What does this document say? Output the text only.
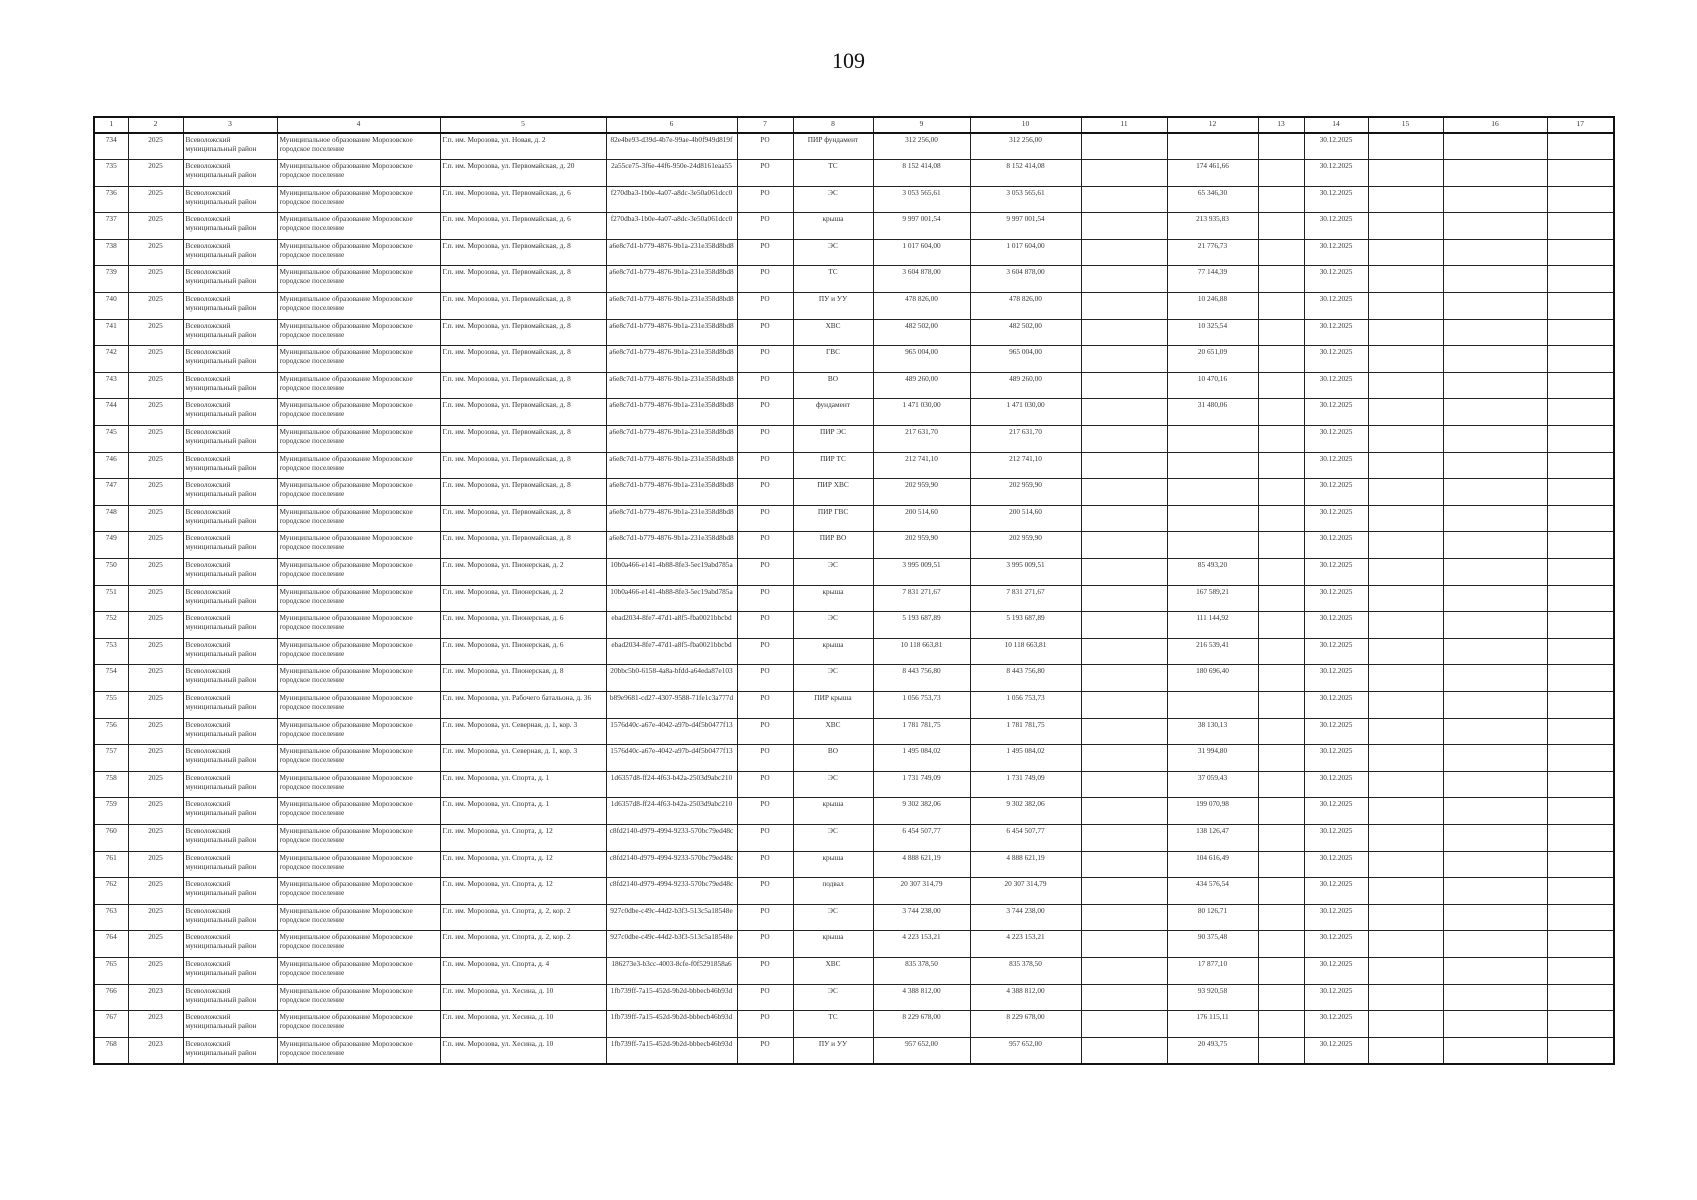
109
1	2	3	4	5	6	7	8	9	10	11	12	13	14	15	16	17
734	2025	Всеволожский муниципальный район	Муниципальное образование Морозовское городское поселение	Г.п. им. Морозова, ул. Новая, д. 2	82e4be93-d39d-4b7e-99ae-4b0f949d819f	РО	ПИР фундамент	312 256,00	312 256,00				30.12.2025			
735	2025	Всеволожский муниципальный район	Муниципальное образование Морозовское городское поселение	Г.п. им. Морозова, ул. Первомайская, д. 20	2a55ce75-3f6e-44f6-950e-24d8161eaa55	РО	ТС	8 152 414,08	8 152 414,08		174 461,66		30.12.2025			
736	2025	Всеволожский муниципальный район	Муниципальное образование Морозовское городское поселение	Г.п. им. Морозова, ул. Первомайская, д. 6	f270dba3-1b0e-4a07-a8dc-3e50a061dcc0	РО	ЭС	3 053 565,61	3 053 565,61		65 346,30		30.12.2025			
737	2025	Всеволожский муниципальный район	Муниципальное образование Морозовское городское поселение	Г.п. им. Морозова, ул. Первомайская, д. 6	f270dba3-1b0e-4a07-a8dc-3e50a061dcc0	РО	крыша	9 997 001,54	9 997 001,54		213 935,83		30.12.2025			
738	2025	Всеволожский муниципальный район	Муниципальное образование Морозовское городское поселение	Г.п. им. Морозова, ул. Первомайская, д. 8	a6e8c7d1-b779-4876-9b1a-231e358d8bd8	РО	ЭС	1 017 604,00	1 017 604,00		21 776,73		30.12.2025			
739	2025	Всеволожский муниципальный район	Муниципальное образование Морозовское городское поселение	Г.п. им. Морозова, ул. Первомайская, д. 8	a6e8c7d1-b779-4876-9b1a-231e358d8bd8	РО	ТС	3 604 878,00	3 604 878,00		77 144,39		30.12.2025			
740	2025	Всеволожский муниципальный район	Муниципальное образование Морозовское городское поселение	Г.п. им. Морозова, ул. Первомайская, д. 8	a6e8c7d1-b779-4876-9b1a-231e358d8bd8	РО	ПУ и УУ	478 826,00	478 826,00		10 246,88		30.12.2025			
741	2025	Всеволожский муниципальный район	Муниципальное образование Морозовское городское поселение	Г.п. им. Морозова, ул. Первомайская, д. 8	a6e8c7d1-b779-4876-9b1a-231e358d8bd8	РО	ХВС	482 502,00	482 502,00		10 325,54		30.12.2025			
742	2025	Всеволожский муниципальный район	Муниципальное образование Морозовское городское поселение	Г.п. им. Морозова, ул. Первомайская, д. 8	a6e8c7d1-b779-4876-9b1a-231e358d8bd8	РО	ГВС	965 004,00	965 004,00		20 651,09		30.12.2025			
743	2025	Всеволожский муниципальный район	Муниципальное образование Морозовское городское поселение	Г.п. им. Морозова, ул. Первомайская, д. 8	a6e8c7d1-b779-4876-9b1a-231e358d8bd8	РО	ВО	489 260,00	489 260,00		10 470,16		30.12.2025			
744	2025	Всеволожский муниципальный район	Муниципальное образование Морозовское городское поселение	Г.п. им. Морозова, ул. Первомайская, д. 8	a6e8c7d1-b779-4876-9b1a-231e358d8bd8	РО	фундамент	1 471 030,00	1 471 030,00		31 480,06		30.12.2025			
745	2025	Всеволожский муниципальный район	Муниципальное образование Морозовское городское поселение	Г.п. им. Морозова, ул. Первомайская, д. 8	a6e8c7d1-b779-4876-9b1a-231e358d8bd8	РО	ПИР ЭС	217 631,70	217 631,70				30.12.2025			
746	2025	Всеволожский муниципальный район	Муниципальное образование Морозовское городское поселение	Г.п. им. Морозова, ул. Первомайская, д. 8	a6e8c7d1-b779-4876-9b1a-231e358d8bd8	РО	ПИР ТС	212 741,10	212 741,10				30.12.2025			
747	2025	Всеволожский муниципальный район	Муниципальное образование Морозовское городское поселение	Г.п. им. Морозова, ул. Первомайская, д. 8	a6e8c7d1-b779-4876-9b1a-231e358d8bd8	РО	ПИР ХВС	202 959,90	202 959,90				30.12.2025			
748	2025	Всеволожский муниципальный район	Муниципальное образование Морозовское городское поселение	Г.п. им. Морозова, ул. Первомайская, д. 8	a6e8c7d1-b779-4876-9b1a-231e358d8bd8	РО	ПИР ГВС	200 514,60	200 514,60				30.12.2025			
749	2025	Всеволожский муниципальный район	Муниципальное образование Морозовское городское поселение	Г.п. им. Морозова, ул. Первомайская, д. 8	a6e8c7d1-b779-4876-9b1a-231e358d8bd8	РО	ПИР ВО	202 959,90	202 959,90				30.12.2025			
750	2025	Всеволожский муниципальный район	Муниципальное образование Морозовское городское поселение	Г.п. им. Морозова, ул. Пионерская, д. 2	10b0a466-e141-4b88-8fe3-5ec19abd785a	РО	ЭС	3 995 009,51	3 995 009,51		85 493,20		30.12.2025			
751	2025	Всеволожский муниципальный район	Муниципальное образование Морозовское городское поселение	Г.п. им. Морозова, ул. Пионерская, д. 2	10b0a466-e141-4b88-8fe3-5ec19abd785a	РО	крыша	7 831 271,67	7 831 271,67		167 589,21		30.12.2025			
752	2025	Всеволожский муниципальный район	Муниципальное образование Морозовское городское поселение	Г.п. им. Морозова, ул. Пионерская, д. 6	ebad2034-8fe7-47d1-a8f5-fba0021bbcbd	РО	ЭС	5 193 687,89	5 193 687,89		111 144,92		30.12.2025			
753	2025	Всеволожский муниципальный район	Муниципальное образование Морозовское городское поселение	Г.п. им. Морозова, ул. Пионерская, д. 6	ebad2034-8fe7-47d1-a8f5-fba0021bbcbd	РО	крыша	10 118 663,81	10 118 663,81		216 539,41		30.12.2025			
754	2025	Всеволожский муниципальный район	Муниципальное образование Морозовское городское поселение	Г.п. им. Морозова, ул. Пионерская, д. 8	20bbc5b0-6158-4a8a-bfdd-a64eda87e103	РО	ЭС	8 443 756,80	8 443 756,80		180 696,40		30.12.2025			
755	2025	Всеволожский муниципальный район	Муниципальное образование Морозовское городское поселение	Г.п. им. Морозова, ул. Рабочего батальона, д. 36	b89e9681-cd27-4307-9588-71fe1c3a777d	РО	ПИР крыша	1 056 753,73	1 056 753,73				30.12.2025			
756	2025	Всеволожский муниципальный район	Муниципальное образование Морозовское городское поселение	Г.п. им. Морозова, ул. Северная, д. 1, кор. 3	1576d40c-a67e-4042-a97b-d4f5b0477f13	РО	ХВС	1 781 781,75	1 781 781,75		38 130,13		30.12.2025			
757	2025	Всеволожский муниципальный район	Муниципальное образование Морозовское городское поселение	Г.п. им. Морозова, ул. Северная, д. 1, кор. 3	1576d40c-a67e-4042-a97b-d4f5b0477f13	РО	ВО	1 495 084,02	1 495 084,02		31 994,80		30.12.2025			
758	2025	Всеволожский муниципальный район	Муниципальное образование Морозовское городское поселение	Г.п. им. Морозова, ул. Спорта, д. 1	1d6357d8-ff24-4f63-b42a-2503d9abc210	РО	ЭС	1 731 749,09	1 731 749,09		37 059,43		30.12.2025			
759	2025	Всеволожский муниципальный район	Муниципальное образование Морозовское городское поселение	Г.п. им. Морозова, ул. Спорта, д. 1	1d6357d8-ff24-4f63-b42a-2503d9abc210	РО	крыша	9 302 382,06	9 302 382,06		199 070,98		30.12.2025			
760	2025	Всеволожский муниципальный район	Муниципальное образование Морозовское городское поселение	Г.п. им. Морозова, ул. Спорта, д. 12	c8fd2140-d979-4994-9233-570bc79ed48c	РО	ЭС	6 454 507,77	6 454 507,77		138 126,47		30.12.2025			
761	2025	Всеволожский муниципальный район	Муниципальное образование Морозовское городское поселение	Г.п. им. Морозова, ул. Спорта, д. 12	c8fd2140-d979-4994-9233-570bc79ed48c	РО	крыша	4 888 621,19	4 888 621,19		104 616,49		30.12.2025			
762	2025	Всеволожский муниципальный район	Муниципальное образование Морозовское городское поселение	Г.п. им. Морозова, ул. Спорта, д. 12	c8fd2140-d979-4994-9233-570bc79ed48c	РО	подвал	20 307 314,79	20 307 314,79		434 576,54		30.12.2025			
763	2025	Всеволожский муниципальный район	Муниципальное образование Морозовское городское поселение	Г.п. им. Морозова, ул. Спорта, д. 2, кор. 2	927c0dbe-c49c-44d2-b3f3-513c5a18548e	РО	ЭС	3 744 238,00	3 744 238,00		80 126,71		30.12.2025			
764	2025	Всеволожский муниципальный район	Муниципальное образование Морозовское городское поселение	Г.п. им. Морозова, ул. Спорта, д. 2, кор. 2	927c0dbe-c49c-44d2-b3f3-513c5a18548e	РО	крыша	4 223 153,21	4 223 153,21		90 375,48		30.12.2025			
765	2025	Всеволожский муниципальный район	Муниципальное образование Морозовское городское поселение	Г.п. им. Морозова, ул. Спорта, д. 4	186273e3-b3cc-4003-8cfe-f0f5291858a6	РО	ХВС	835 378,50	835 378,50		17 877,10		30.12.2025			
766	2023	Всеволожский муниципальный район	Муниципальное образование Морозовское городское поселение	Г.п. им. Морозова, ул. Хесина, д. 10	1fb739ff-7a15-452d-9b2d-bbbecb46b93d	РО	ЭС	4 388 812,00	4 388 812,00		93 920,58		30.12.2025			
767	2023	Всеволожский муниципальный район	Муниципальное образование Морозовское городское поселение	Г.п. им. Морозова, ул. Хесина, д. 10	1fb739ff-7a15-452d-9b2d-bbbecb46b93d	РО	ТС	8 229 678,00	8 229 678,00		176 115,11		30.12.2025			
768	2023	Всеволожский муниципальный район	Муниципальное образование Морозовское городское поселение	Г.п. им. Морозова, ул. Хесина, д. 10	1fb739ff-7a15-452d-9b2d-bbbecb46b93d	РО	ПУ и УУ	957 652,00	957 652,00		20 493,75		30.12.2025			
